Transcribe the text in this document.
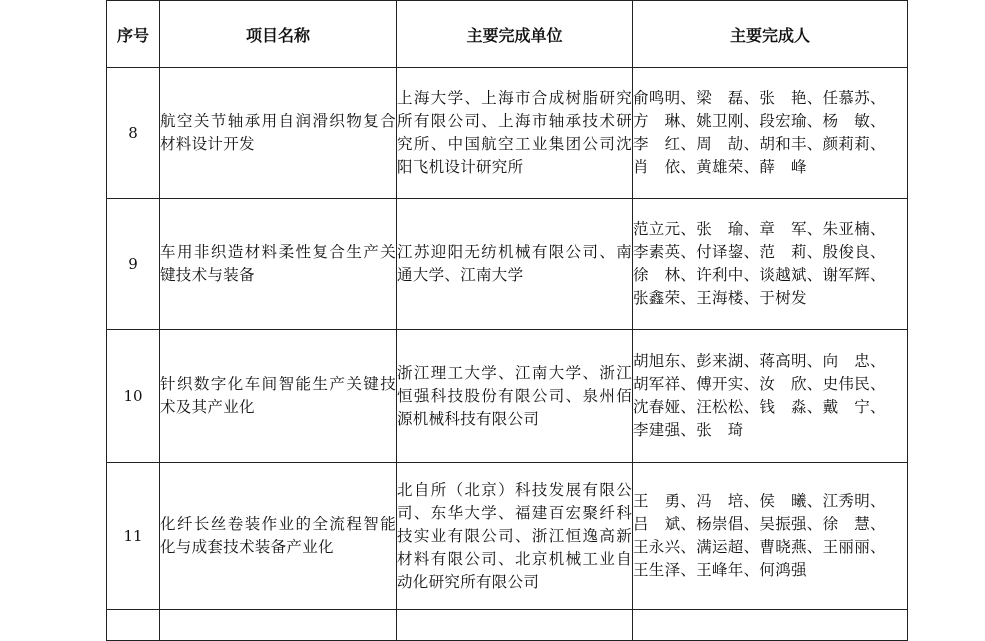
序号	项目名称	主要完成单位	主要完成人
8	航空关节轴承用自润滑织物复合材料设计开发	上海大学、上海市合成树脂研究所有限公司、上海市轴承技术研究所、中国航空工业集团公司沈阳飞机设计研究所	俞鸣明、梁　磊、张　艳、任慕苏、
方　琳、姚卫刚、段宏瑜、杨　敏、
李　红、周　劼、胡和丰、颜莉莉、
肖　依、黄雄荣、薛　峰

9	车用非织造材料柔性复合生产关键技术与装备	江苏迎阳无纺机械有限公司、南通大学、江南大学	范立元、张　瑜、章　军、朱亚楠、
李素英、付译鋆、范　莉、殷俊良、
徐　林、许利中、谈越斌、谢军辉、
张鑫荣、王海楼、于树发

10	针织数字化车间智能生产关键技术及其产业化	浙江理工大学、江南大学、浙江恒强科技股份有限公司、泉州佰源机械科技有限公司	胡旭东、彭来湖、蒋高明、向　忠、
胡军祥、傅开实、汝　欣、史伟民、
沈春娅、汪松松、钱　淼、戴　宁、
李建强、张　琦

11	化纤长丝卷装作业的全流程智能化与成套技术装备产业化	北自所（北京）科技发展有限公司、东华大学、福建百宏聚纤科技实业有限公司、浙江恒逸高新材料有限公司、北京机械工业自动化研究所有限公司	王　勇、冯　培、侯　曦、江秀明、
吕　斌、杨崇倡、吴振强、徐　慧、
王永兴、满运超、曹晓燕、王丽丽、
王生泽、王峰年、何鸿强
